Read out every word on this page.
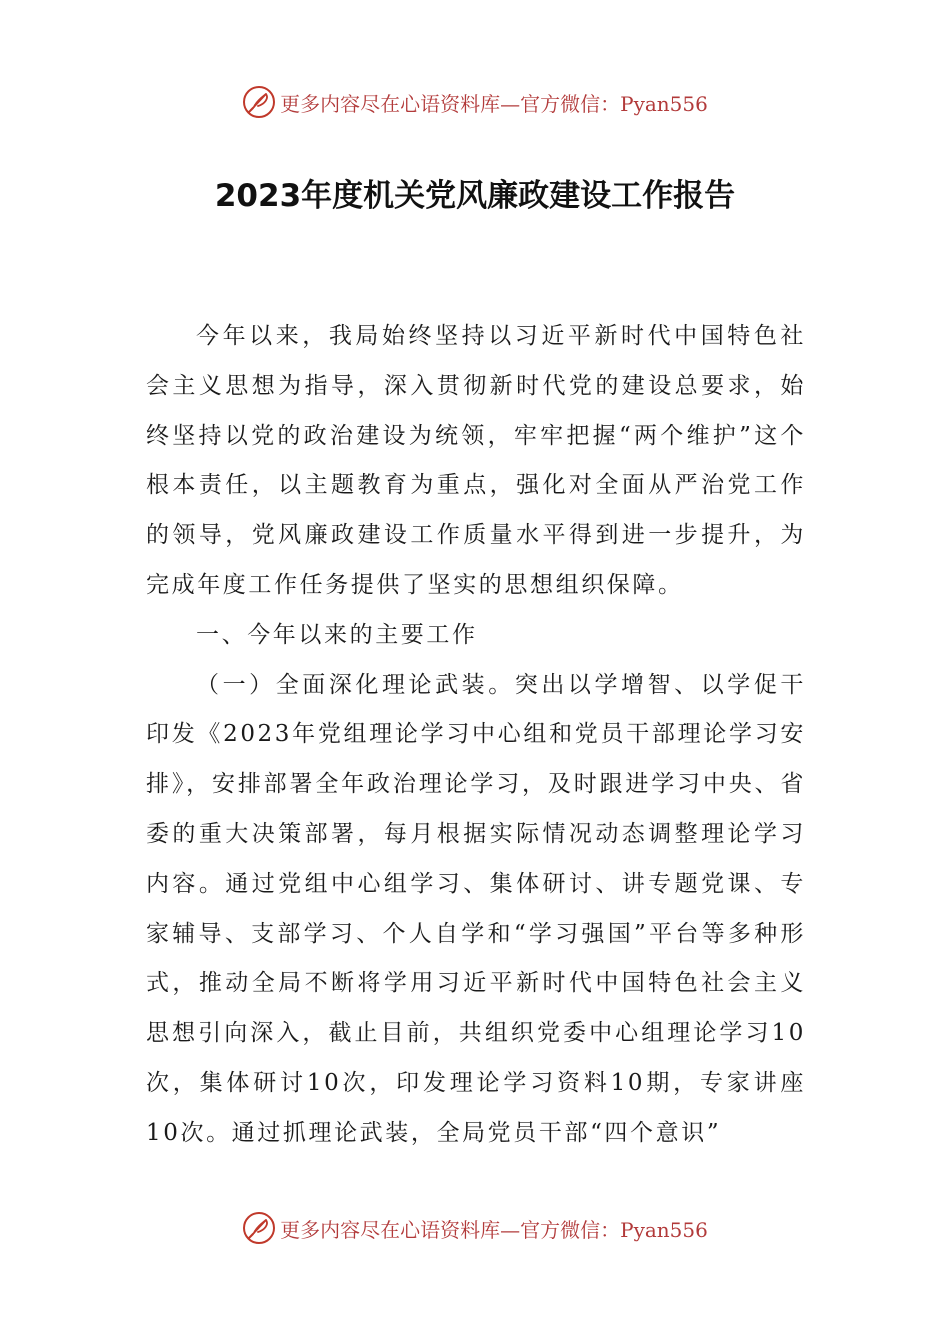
更多内容尽在心语资料库—官方微信：Pyan556
2023年度机关党风廉政建设工作报告

今年以来，我局始终坚持以习近平新时代中国特色社会主义思想为指导，深入贯彻新时代党的建设总要求，始终坚持以党的政治建设为统领，牢牢把握“两个维护”这个根本责任，以主题教育为重点，强化对全面从严治党工作的领导，党风廉政建设工作质量水平得到进一步提升，为完成年度工作任务提供了坚实的思想组织保障。

一、今年以来的主要工作

（一）全面深化理论武装。突出以学增智、以学促干印发《2023年党组理论学习中心组和党员干部理论学习安排》，安排部署全年政治理论学习，及时跟进学习中央、省委的重大决策部署，每月根据实际情况动态调整理论学习内容。通过党组中心组学习、集体研讨、讲专题党课、专家辅导、支部学习、个人自学和“学习强国”平台等多种形式，推动全局不断将学用习近平新时代中国特色社会主义思想引向深入，截止目前，共组织党委中心组理论学习10次，集体研讨10次，印发理论学习资料10期，专家讲座10次。通过抓理论武装，全局党员干部“四个意识”

更多内容尽在心语资料库—官方微信：Pyan556
